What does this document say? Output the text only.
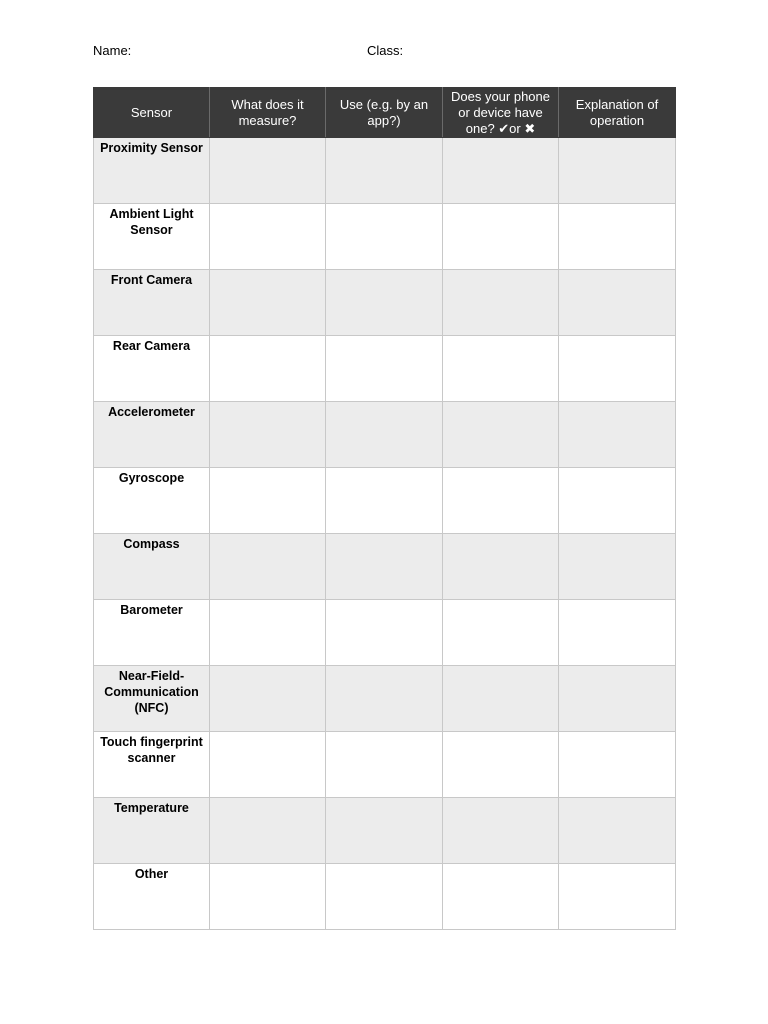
Name:	Class:
Sensor	What does it measure?	Use (e.g. by an app?)	Does your phone or device have one? ✔or ✖	Explanation of operation
Proximity Sensor				
Ambient Light Sensor				
Front Camera				
Rear Camera				
Accelerometer				
Gyroscope				
Compass				
Barometer				
Near-Field-Communication (NFC)				
Touch fingerprint scanner				
Temperature				
Other				
